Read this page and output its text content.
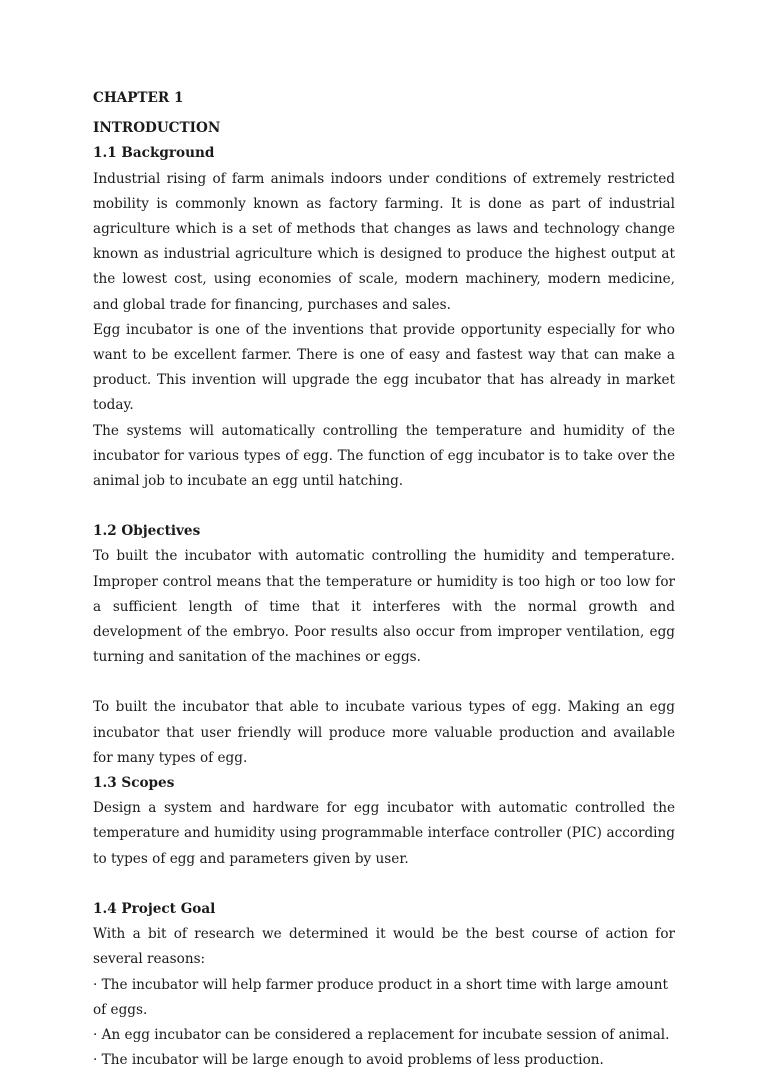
CHAPTER 1

INTRODUCTION

1.1 Background

Industrial rising of farm animals indoors under conditions of extremely restricted mobility is commonly known as factory farming. It is done as part of industrial agriculture which is a set of methods that changes as laws and technology change known as industrial agriculture which is designed to produce the highest output at the lowest cost, using economies of scale, modern machinery, modern medicine, and global trade for financing, purchases and sales.

Egg incubator is one of the inventions that provide opportunity especially for who want to be excellent farmer. There is one of easy and fastest way that can make a product. This invention will upgrade the egg incubator that has already in market today.

The systems will automatically controlling the temperature and humidity of the incubator for various types of egg. The function of egg incubator is to take over the animal job to incubate an egg until hatching.

1.2 Objectives

To built the incubator with automatic controlling the humidity and temperature. Improper control means that the temperature or humidity is too high or too low for a sufficient length of time that it interferes with the normal growth and development of the embryo. Poor results also occur from improper ventilation, egg turning and sanitation of the machines or eggs.

To built the incubator that able to incubate various types of egg. Making an egg incubator that user friendly will produce more valuable production and available for many types of egg.

1.3 Scopes

Design a system and hardware for egg incubator with automatic controlled the temperature and humidity using programmable interface controller (PIC) according to types of egg and parameters given by user.

1.4 Project Goal

With a bit of research we determined it would be the best course of action for several reasons:

· The incubator will help farmer produce product in a short time with large amount of eggs.

· An egg incubator can be considered a replacement for incubate session of animal.

· The incubator will be large enough to avoid problems of less production.
